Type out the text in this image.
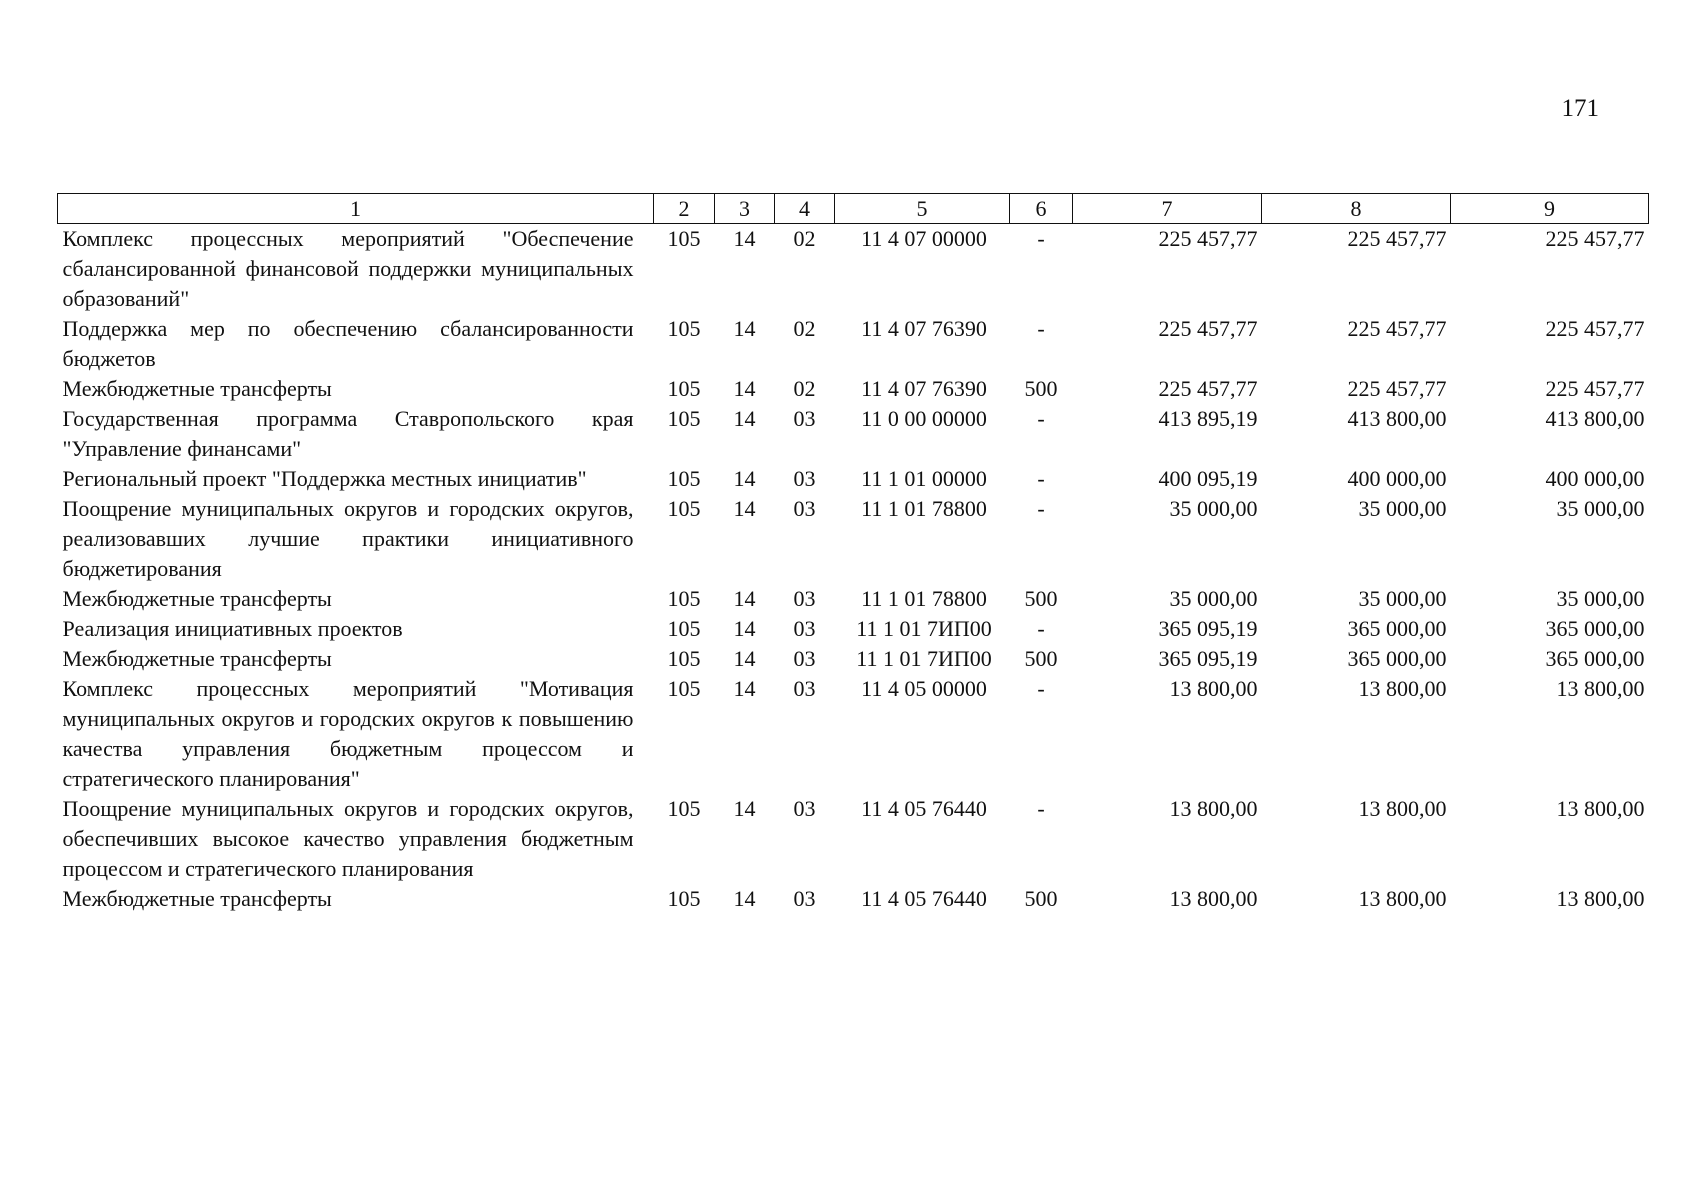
171
1	2	3	4	5	6	7	8	9
Комплекс процессных мероприятий "Обеспечение сбалансированной финансовой поддержки муниципальных образований"	105	14	02	11 4 07 00000	-	225 457,77	225 457,77	225 457,77
Поддержка мер по обеспечению сбалансированности бюджетов	105	14	02	11 4 07 76390	-	225 457,77	225 457,77	225 457,77
Межбюджетные трансферты	105	14	02	11 4 07 76390	500	225 457,77	225 457,77	225 457,77
Государственная программа Ставропольского края "Управление финансами"	105	14	03	11 0 00 00000	-	413 895,19	413 800,00	413 800,00
Региональный проект "Поддержка местных инициатив"	105	14	03	11 1 01 00000	-	400 095,19	400 000,00	400 000,00
Поощрение муниципальных округов и городских округов, реализовавших лучшие практики инициативного бюджетирования	105	14	03	11 1 01 78800	-	35 000,00	35 000,00	35 000,00
Межбюджетные трансферты	105	14	03	11 1 01 78800	500	35 000,00	35 000,00	35 000,00
Реализация инициативных проектов	105	14	03	11 1 01 7ИП00	-	365 095,19	365 000,00	365 000,00
Межбюджетные трансферты	105	14	03	11 1 01 7ИП00	500	365 095,19	365 000,00	365 000,00
Комплекс процессных мероприятий "Мотивация муниципальных округов и городских округов к повышению качества управления бюджетным процессом и стратегического планирования"	105	14	03	11 4 05 00000	-	13 800,00	13 800,00	13 800,00
Поощрение муниципальных округов и городских округов, обеспечивших высокое качество управления бюджетным процессом и стратегического планирования	105	14	03	11 4 05 76440	-	13 800,00	13 800,00	13 800,00
Межбюджетные трансферты	105	14	03	11 4 05 76440	500	13 800,00	13 800,00	13 800,00
